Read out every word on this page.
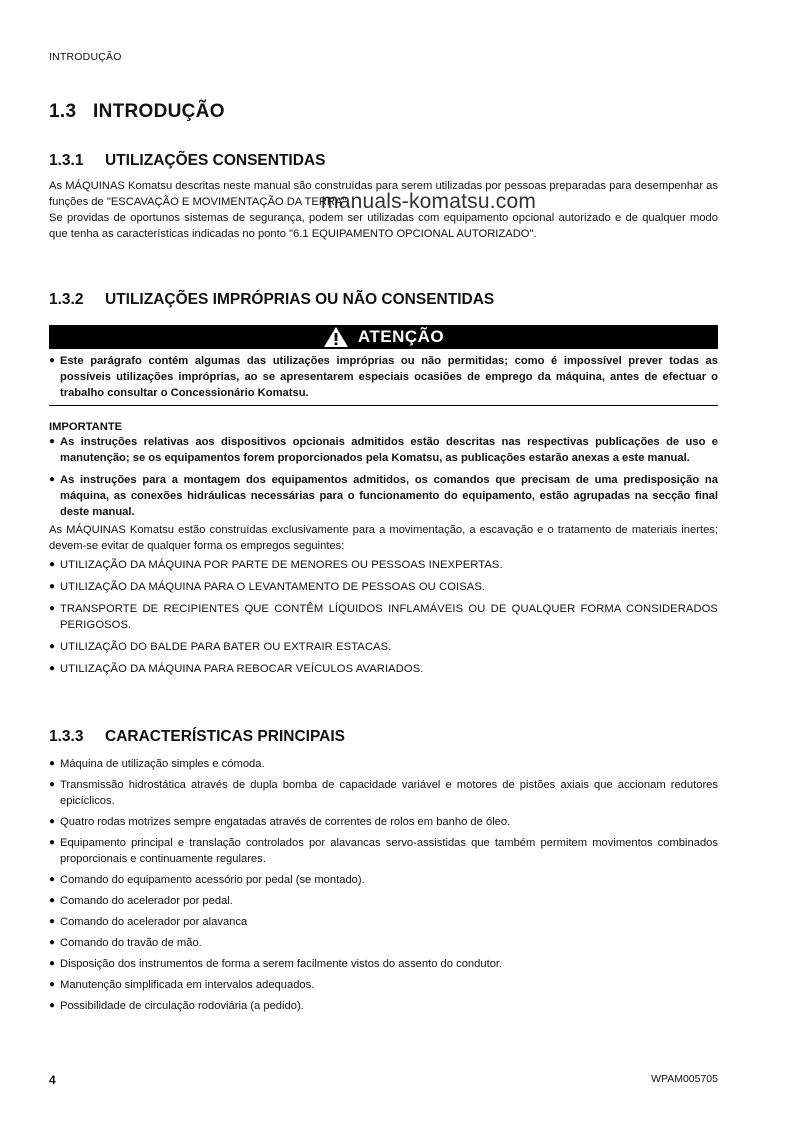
INTRODUÇÃO
manuals-komatsu.com
1.3 INTRODUÇÃO
1.3.1 UTILIZAÇÕES CONSENTIDAS

As MÁQUINAS Komatsu descritas neste manual são construídas para serem utilizadas por pessoas preparadas para desempenhar as funções de "ESCAVAÇÃO E MOVIMENTAÇÃO DA TERRA".

Se providas de oportunos sistemas de segurança, podem ser utilizadas com equipamento opcional autorizado e de qualquer modo que tenha as características indicadas no ponto "6.1 EQUIPAMENTO OPCIONAL AUTORIZADO".

1.3.2 UTILIZAÇÕES IMPRÓPRIAS OU NÃO CONSENTIDAS
ATENÇÃO
● Este parágrafo contém algumas das utilizações impróprias ou não permitidas; como é impossível prever todas as possíveis utilizações impróprias, ao se apresentarem especiais ocasiões de emprego da máquina, antes de efectuar o trabalho consultar o Concessionário Komatsu.
IMPORTANTE
● As instruções relativas aos dispositivos opcionais admitidos estão descritas nas respectivas publicações de uso e manutenção; se os equipamentos forem proporcionados pela Komatsu, as publicações estarão anexas a este manual.
● As instruções para a montagem dos equipamentos admitidos, os comandos que precisam de uma predisposição na máquina, as conexões hidráulicas necessárias para o funcionamento do equipamento, estão agrupadas na secção final deste manual.

As MÁQUINAS Komatsu estão construídas exclusivamente para a movimentação, a escavação e o tratamento de materiais inertes; devem-se evitar de qualquer forma os empregos seguintes:

● UTILIZAÇÃO DA MÁQUINA POR PARTE DE MENORES OU PESSOAS INEXPERTAS.
● UTILIZAÇÃO DA MÁQUINA PARA O LEVANTAMENTO DE PESSOAS OU COISAS.
● TRANSPORTE DE RECIPIENTES QUE CONTÊM LÍQUIDOS INFLAMÁVEIS OU DE QUALQUER FORMA CONSIDERADOS PERIGOSOS.
● UTILIZAÇÃO DO BALDE PARA BATER OU EXTRAIR ESTACAS.
● UTILIZAÇÃO DA MÁQUINA PARA REBOCAR VEÍCULOS AVARIADOS.
1.3.3 CARACTERÍSTICAS PRINCIPAIS
● Máquina de utilização simples e cómoda.
● Transmissão hidrostática através de dupla bomba de capacidade variável e motores de pistões axiais que accionam redutores epicíclicos.
● Quatro rodas motrizes sempre engatadas através de correntes de rolos em banho de óleo.
● Equipamento principal e translação controlados por alavancas servo-assistidas que também permitem movimentos combinados proporcionais e continuamente regulares.
● Comando do equipamento acessório por pedal (se montado).
● Comando do acelerador por pedal.
● Comando do acelerador por alavanca
● Comando do travão de mão.
● Disposição dos instrumentos de forma a serem facilmente vistos do assento do condutor.
● Manutenção simplificada em intervalos adequados.
● Possibilidade de circulação rodoviária (a pedido).
4	WPAM005705
